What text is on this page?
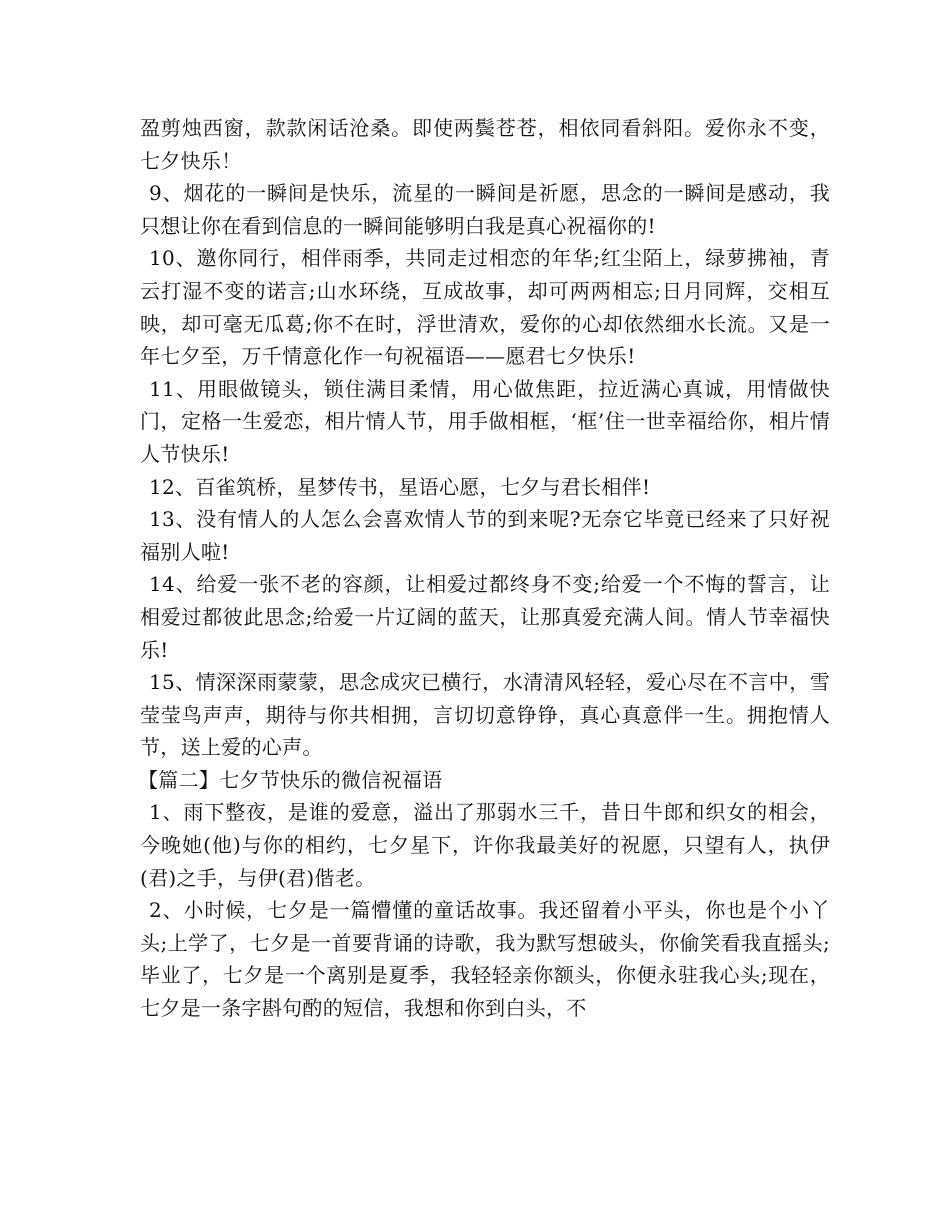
盈剪烛西窗，款款闲话沧桑。即使两鬓苍苍，相依同看斜阳。爱你永不变，七夕快乐！

9、烟花的一瞬间是快乐，流星的一瞬间是祈愿，思念的一瞬间是感动，我只想让你在看到信息的一瞬间能够明白我是真心祝福你的!

10、邀你同行，相伴雨季，共同走过相恋的年华;红尘陌上，绿萝拂袖，青云打湿不变的诺言;山水环绕，互成故事，却可两两相忘;日月同辉，交相互映，却可毫无瓜葛;你不在时，浮世清欢，爱你的心却依然细水长流。又是一年七夕至，万千情意化作一句祝福语——愿君七夕快乐!

11、用眼做镜头，锁住满目柔情，用心做焦距，拉近满心真诚，用情做快门，定格一生爱恋，相片情人节，用手做相框，‘框’住一世幸福给你，相片情人节快乐!

12、百雀筑桥，星梦传书，星语心愿，七夕与君长相伴!

13、没有情人的人怎么会喜欢情人节的到来呢?无奈它毕竟已经来了只好祝福别人啦!

14、给爱一张不老的容颜，让相爱过都终身不变;给爱一个不悔的誓言，让相爱过都彼此思念;给爱一片辽阔的蓝天，让那真爱充满人间。情人节幸福快乐!

15、情深深雨蒙蒙，思念成灾已横行，水清清风轻轻，爱心尽在不言中，雪莹莹鸟声声，期待与你共相拥，言切切意铮铮，真心真意伴一生。拥抱情人节，送上爱的心声。

【篇二】七夕节快乐的微信祝福语

1、雨下整夜，是谁的爱意，溢出了那弱水三千，昔日牛郎和织女的相会，今晚她(他)与你的相约，七夕星下，许你我最美好的祝愿，只望有人，执伊(君)之手，与伊(君)偕老。

2、小时候，七夕是一篇懵懂的童话故事。我还留着小平头，你也是个小丫头;上学了，七夕是一首要背诵的诗歌，我为默写想破头，你偷笑看我直摇头;毕业了，七夕是一个离别是夏季，我轻轻亲你额头，你便永驻我心头;现在，七夕是一条字斟句酌的短信，我想和你到白头，不
